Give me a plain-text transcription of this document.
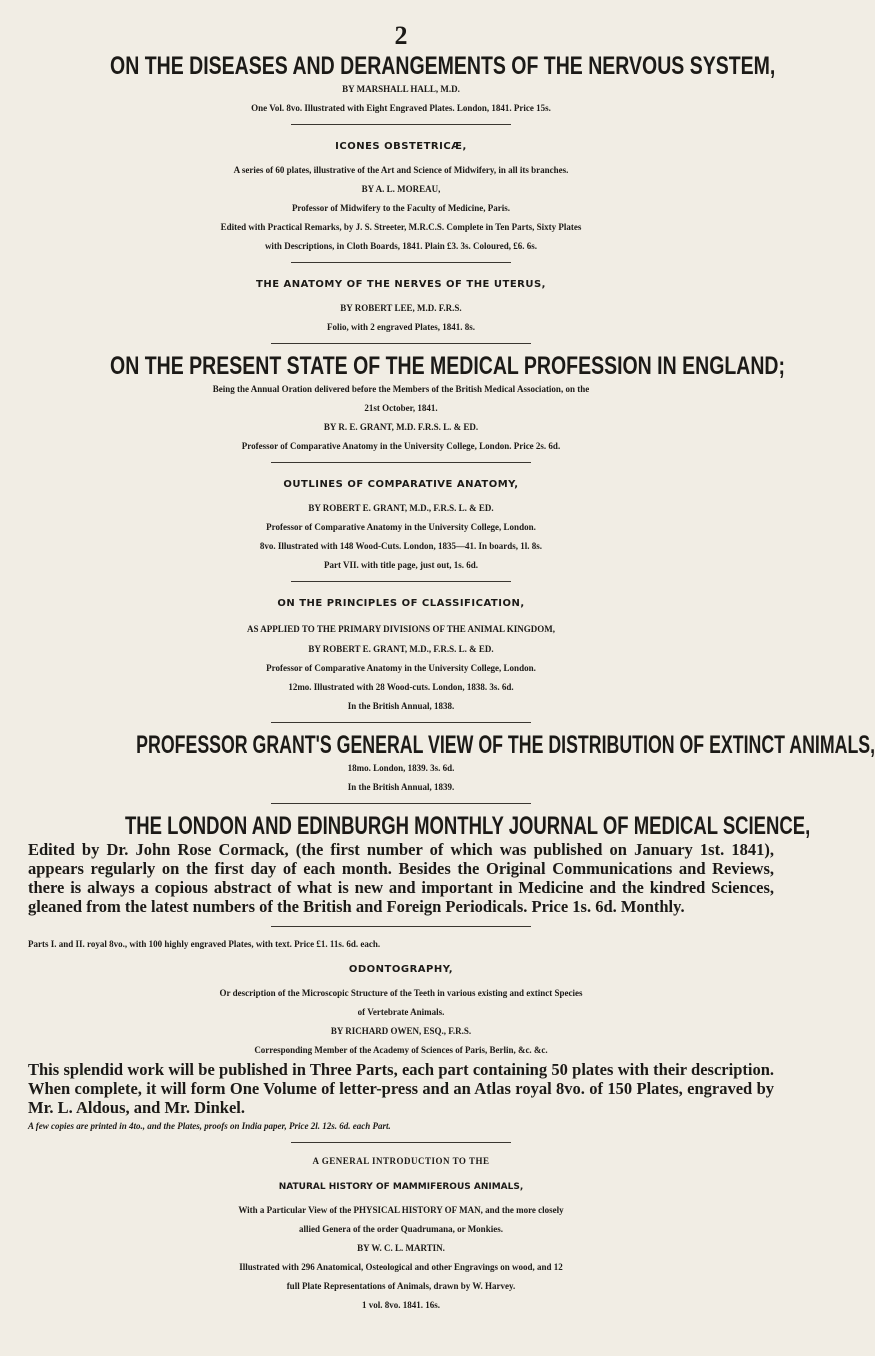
2
ON THE DISEASES AND DERANGEMENTS OF THE NERVOUS SYSTEM,
BY MARSHALL HALL, M.D.
One Vol. 8vo. Illustrated with Eight Engraved Plates. London, 1841. Price 15s.
ICONES OBSTETRICÆ,
A series of 60 plates, illustrative of the Art and Science of Midwifery, in all its branches.
BY A. L. MOREAU,
Professor of Midwifery to the Faculty of Medicine, Paris.
Edited with Practical Remarks, by J. S. Streeter, M.R.C.S. Complete in Ten Parts, Sixty Plates
with Descriptions, in Cloth Boards, 1841. Plain £3. 3s. Coloured, £6. 6s.
THE ANATOMY OF THE NERVES OF THE UTERUS,
BY ROBERT LEE, M.D. F.R.S.
Folio, with 2 engraved Plates, 1841. 8s.
ON THE PRESENT STATE OF THE MEDICAL PROFESSION IN ENGLAND;
Being the Annual Oration delivered before the Members of the British Medical Association, on the
21st October, 1841.
BY R. E. GRANT, M.D. F.R.S. L. & ED.
Professor of Comparative Anatomy in the University College, London. Price 2s. 6d.
OUTLINES OF COMPARATIVE ANATOMY,
BY ROBERT E. GRANT, M.D., F.R.S. L. & ED.
Professor of Comparative Anatomy in the University College, London.
8vo. Illustrated with 148 Wood-Cuts. London, 1835—41. In boards, 1l. 8s.
Part VII. with title page, just out, 1s. 6d.
ON THE PRINCIPLES OF CLASSIFICATION,
AS APPLIED TO THE PRIMARY DIVISIONS OF THE ANIMAL KINGDOM,
BY ROBERT E. GRANT, M.D., F.R.S. L. & ED.
Professor of Comparative Anatomy in the University College, London.
12mo. Illustrated with 28 Wood-cuts. London, 1838. 3s. 6d.
In the British Annual, 1838.
PROFESSOR GRANT'S GENERAL VIEW OF THE DISTRIBUTION OF EXTINCT ANIMALS,
18mo. London, 1839. 3s. 6d.
In the British Annual, 1839.
THE LONDON AND EDINBURGH MONTHLY JOURNAL OF MEDICAL SCIENCE,
Edited by Dr. John Rose Cormack, (the first number of which was published on January 1st. 1841), appears regularly on the first day of each month. Besides the Original Communications and Reviews, there is always a copious abstract of what is new and important in Medicine and the kindred Sciences, gleaned from the latest numbers of the British and Foreign Periodicals. Price 1s. 6d. Monthly.
Parts I. and II. royal 8vo., with 100 highly engraved Plates, with text. Price £1. 11s. 6d. each.
ODONTOGRAPHY,
Or description of the Microscopic Structure of the Teeth in various existing and extinct Species
of Vertebrate Animals.
BY RICHARD OWEN, ESQ., F.R.S.
Corresponding Member of the Academy of Sciences of Paris, Berlin, &c. &c.
This splendid work will be published in Three Parts, each part containing 50 plates with their description. When complete, it will form One Volume of letter-press and an Atlas royal 8vo. of 150 Plates, engraved by Mr. L. Aldous, and Mr. Dinkel.
A few copies are printed in 4to., and the Plates, proofs on India paper, Price 2l. 12s. 6d. each Part.
A GENERAL INTRODUCTION TO THE
NATURAL HISTORY OF MAMMIFEROUS ANIMALS,
With a Particular View of the PHYSICAL HISTORY OF MAN, and the more closely
allied Genera of the order Quadrumana, or Monkies.
BY W. C. L. MARTIN.
Illustrated with 296 Anatomical, Osteological and other Engravings on wood, and 12
full Plate Representations of Animals, drawn by W. Harvey.
1 vol. 8vo. 1841. 16s.
